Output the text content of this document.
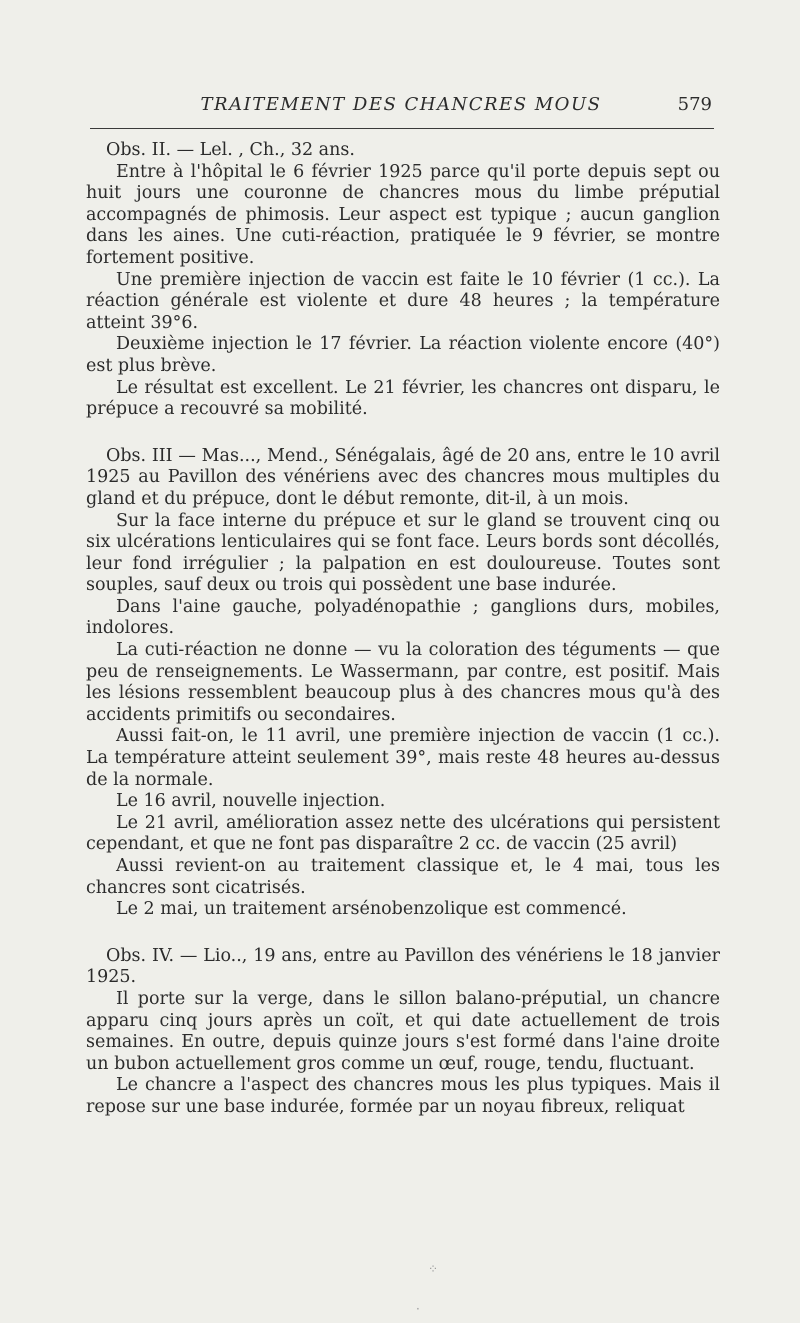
TRAITEMENT DES CHANCRES MOUS	579

Obs. II. — Lel. , Ch., 32 ans.

Entre à l'hôpital le 6 février 1925 parce qu'il porte depuis sept ou huit jours une couronne de chancres mous du limbe préputial accompagnés de phimosis. Leur aspect est typique ; aucun ganglion dans les aines. Une cuti-réaction, pratiquée le 9 février, se montre fortement positive.

Une première injection de vaccin est faite le 10 février (1 cc.). La réaction générale est violente et dure 48 heures ; la température atteint 39°6.

Deuxième injection le 17 février. La réaction violente encore (40°) est plus brève.

Le résultat est excellent. Le 21 février, les chancres ont disparu, le prépuce a recouvré sa mobilité.

Obs. III — Mas..., Mend., Sénégalais, âgé de 20 ans, entre le 10 avril 1925 au Pavillon des vénériens avec des chancres mous multiples du gland et du prépuce, dont le début remonte, dit-il, à un mois.

Sur la face interne du prépuce et sur le gland se trouvent cinq ou six ulcérations lenticulaires qui se font face. Leurs bords sont décollés, leur fond irrégulier ; la palpation en est douloureuse. Toutes sont souples, sauf deux ou trois qui possèdent une base indurée.

Dans l'aine gauche, polyadénopathie ; ganglions durs, mobiles, indolores.

La cuti-réaction ne donne — vu la coloration des téguments — que peu de renseignements. Le Wassermann, par contre, est positif. Mais les lésions ressemblent beaucoup plus à des chancres mous qu'à des accidents primitifs ou secondaires.

Aussi fait-on, le 11 avril, une première injection de vaccin (1 cc.). La température atteint seulement 39°, mais reste 48 heures au-dessus de la normale.

Le 16 avril, nouvelle injection.

Le 21 avril, amélioration assez nette des ulcérations qui persistent cependant, et que ne font pas disparaître 2 cc. de vaccin (25 avril)

Aussi revient-on au traitement classique et, le 4 mai, tous les chancres sont cicatrisés.

Le 2 mai, un traitement arsénobenzolique est commencé.

Obs. IV. — Lio.., 19 ans, entre au Pavillon des vénériens le 18 janvier 1925.

Il porte sur la verge, dans le sillon balano-préputial, un chancre apparu cinq jours après un coït, et qui date actuellement de trois semaines. En outre, depuis quinze jours s'est formé dans l'aine droite un bubon actuellement gros comme un œuf, rouge, tendu, fluctuant.

Le chancre a l'aspect des chancres mous les plus typiques. Mais il repose sur une base indurée, formée par un noyau fibreux, reliquat

⁘
·
